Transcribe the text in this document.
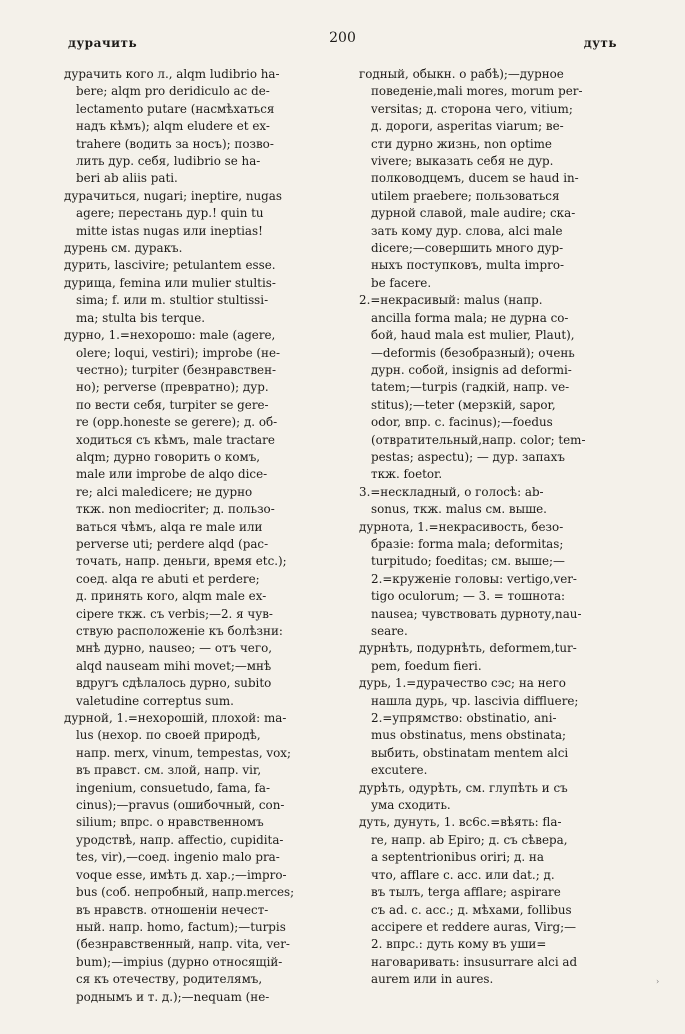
дурачить	200	дуть
дурачить кого л., alqm ludibrio ha-
bere; alqm pro deridiculo ac de-
lectamento putare (насмѣхаться
надъ кѣмъ); alqm eludere et ex-
trahere (водить за носъ); позво-
лить дур. себя, ludibrio se ha-
beri ab aliis pati.
дурачиться, nugari; ineptire, nugas
agere; перестань дур.! quin tu
mitte istas nugas или ineptias!
дурень см. дуракъ.
дурить, lascivire; petulantem esse.
дурища, femina или mulier stultis-
sima; f. или m. stultior stultissi-
ma; stulta bis terque.
дурно, 1.=нехорошо: male (agere,
olere; loqui, vestiri); improbe (не-
честно); turpiter (безнравствен-
но); perverse (превратно); дур.
по вести себя, turpiter se gere-
re (opp.honeste se gerere); д. об-
ходиться съ кѣмъ, male tractare
alqm; дурно говорить о комъ,
male или improbe de alqo dice-
re; alci maledicere; не дурно
ткж. non mediocriter; д. пользо-
ваться чѣмъ, alqa re male или
perverse uti; perdere alqd (рас-
точать, напр. деньги, время etc.);
соед. alqa re abuti et perdere;
д. принять кого, alqm male ex-
cipere ткж. съ verbis;—2. я чув-
ствую расположенiе къ болѣзни:
мнѣ дурно, nauseo; — отъ чего,
alqd nauseam mihi movet;—мнѣ
вдругъ сдѣлалось дурно, subito
valetudine correptus sum.
дурной, 1.=нехорошiй, плохой: ma-
lus (нехор. по своей природѣ,
напр. merx, vinum, tempestas, vox;
въ правст. см. злой, напр. vir,
ingenium, consuetudo, fama, fa-
cinus);—pravus (ошибочный, con-
silium; впрс. о нравственномъ
уродствѣ, напр. affectio, cupidita-
tes, vir),—соед. ingenio malo pra-
voque esse, имѣть д. хар.;—impro-
bus (соб. непробный, напр.merces;
въ нравств. отношенiи нечест-
ный. напр. homo, factum);—turpis
(безнравственный, напр. vita, ver-
bum);—impius (дурно относящiй-
ся къ отечеству, родителямъ,
роднымъ и т. д.);—nequam (не-
годный, обыкн. о рабѣ);—дурное
поведенiе,mali mores, morum per-
versitas; д. сторона чего, vitium;
д. дороги, asperitas viarum; ве-
сти дурно жизнь, non optime
vivere; выказать себя не дур.
полководцемъ, ducem se haud in-
utilem praebere; пользоваться
дурной славой, male audire; ска-
зать кому дур. слова, alci male
dicere;—совершить много дур-
ныхъ поступковъ, multa impro-
be facere.
2.=некрасивый: malus (напр.
ancilla forma mala; не дурна со-
бой, haud mala est mulier, Plaut),
—deformis (безобразный); очень
дурн. собой, insignis ad deformi-
tatem;—turpis (гадкiй, напр. ve-
stitus);—teter (мерзкiй, sapor,
odor, впр. с. facinus);—foedus
(отвратительный,напр. color; tem-
pestas; aspectu); — дур. запахъ
ткж. foetor.
3.=нескладный, о голосѣ: ab-
sonus, ткж. malus см. выше.
дурнота, 1.=некрасивость, безо-
бразiе: forma mala; deformitas;
turpitudo; foeditas; см. выше;—
2.=круженiе головы: vertigo,ver-
tigo oculorum; — 3. = тошнота:
nausea; чувствовать дурноту,nau-
seare.
дурнѣть, подурнѣть, deformem,tur-
pem, foedum fieri.
дурь, 1.=дурачество сэс; на него
нашла дурь, чр. lascivia diffluere;
2.=упрямство: obstinatio, ani-
mus obstinatus, mens obstinata;
выбить, obstinatam mentem alci
excutere.
дурѣть, одурѣть, см. глупѣть и съ
ума сходить.
дуть, дунуть, 1. вс6с.=вѣять: fla-
re, напр. ab Epiro; д. съ сѣвера,
a septentrionibus oriri; д. на
что, afflare с. acc. или dat.; д.
въ тылъ, terga afflare; aspirare
съ ad. c. acc.; д. мѣхами, follibus
accipere et reddere auras, Virg;—
2. впрс.: дуть кому въ уши=
наговаривать: insusurrare alci ad
aurem или in aures.	›
